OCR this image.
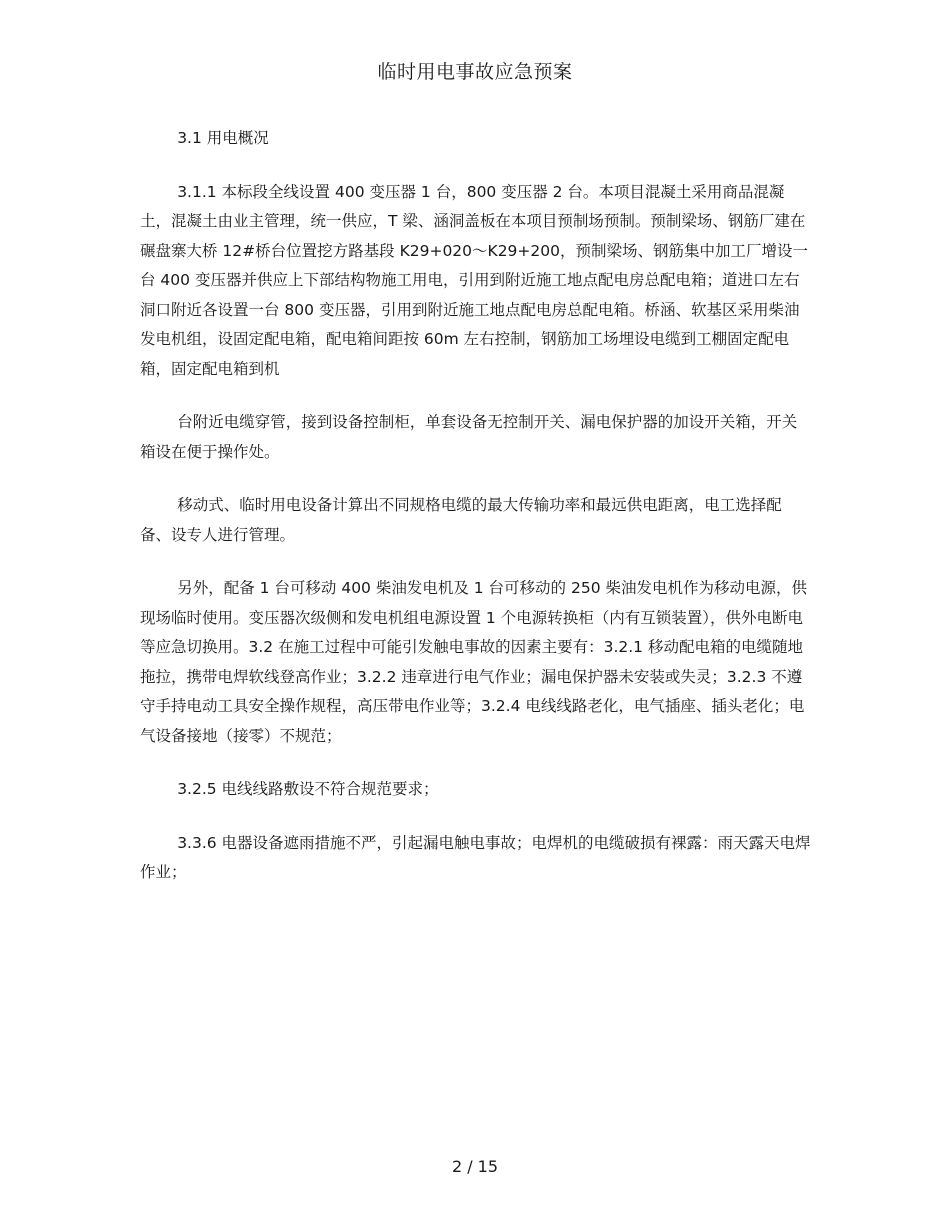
临时用电事故应急预案

3.1 用电概况

3.1.1 本标段全线设置 400 变压器 1 台，800 变压器 2 台。本项目混凝土采用商品混凝土，混凝土由业主管理，统一供应，T 梁、涵洞盖板在本项目预制场预制。预制梁场、钢筋厂建在碾盘寨大桥 12#桥台位置挖方路基段 K29+020～K29+200，预制梁场、钢筋集中加工厂增设一台 400 变压器并供应上下部结构物施工用电，引用到附近施工地点配电房总配电箱；道进口左右洞口附近各设置一台 800 变压器，引用到附近施工地点配电房总配电箱。桥涵、软基区采用柴油发电机组，设固定配电箱，配电箱间距按 60m 左右控制，钢筋加工场埋设电缆到工棚固定配电箱，固定配电箱到机

台附近电缆穿管，接到设备控制柜，单套设备无控制开关、漏电保护器的加设开关箱，开关箱设在便于操作处。

移动式、临时用电设备计算出不同规格电缆的最大传输功率和最远供电距离，电工选择配备、设专人进行管理。

另外，配备 1 台可移动 400 柴油发电机及 1 台可移动的 250 柴油发电机作为移动电源，供现场临时使用。变压器次级侧和发电机组电源设置 1 个电源转换柜（内有互锁装置），供外电断电等应急切换用。3.2 在施工过程中可能引发触电事故的因素主要有：3.2.1 移动配电箱的电缆随地拖拉，携带电焊软线登高作业；3.2.2 违章进行电气作业；漏电保护器未安装或失灵；3.2.3 不遵守手持电动工具安全操作规程，高压带电作业等；3.2.4 电线线路老化，电气插座、插头老化；电气设备接地（接零）不规范；

3.2.5 电线线路敷设不符合规范要求；

3.3.6 电器设备遮雨措施不严，引起漏电触电事故；电焊机的电缆破损有裸露：雨天露天电焊作业；

2 / 15
